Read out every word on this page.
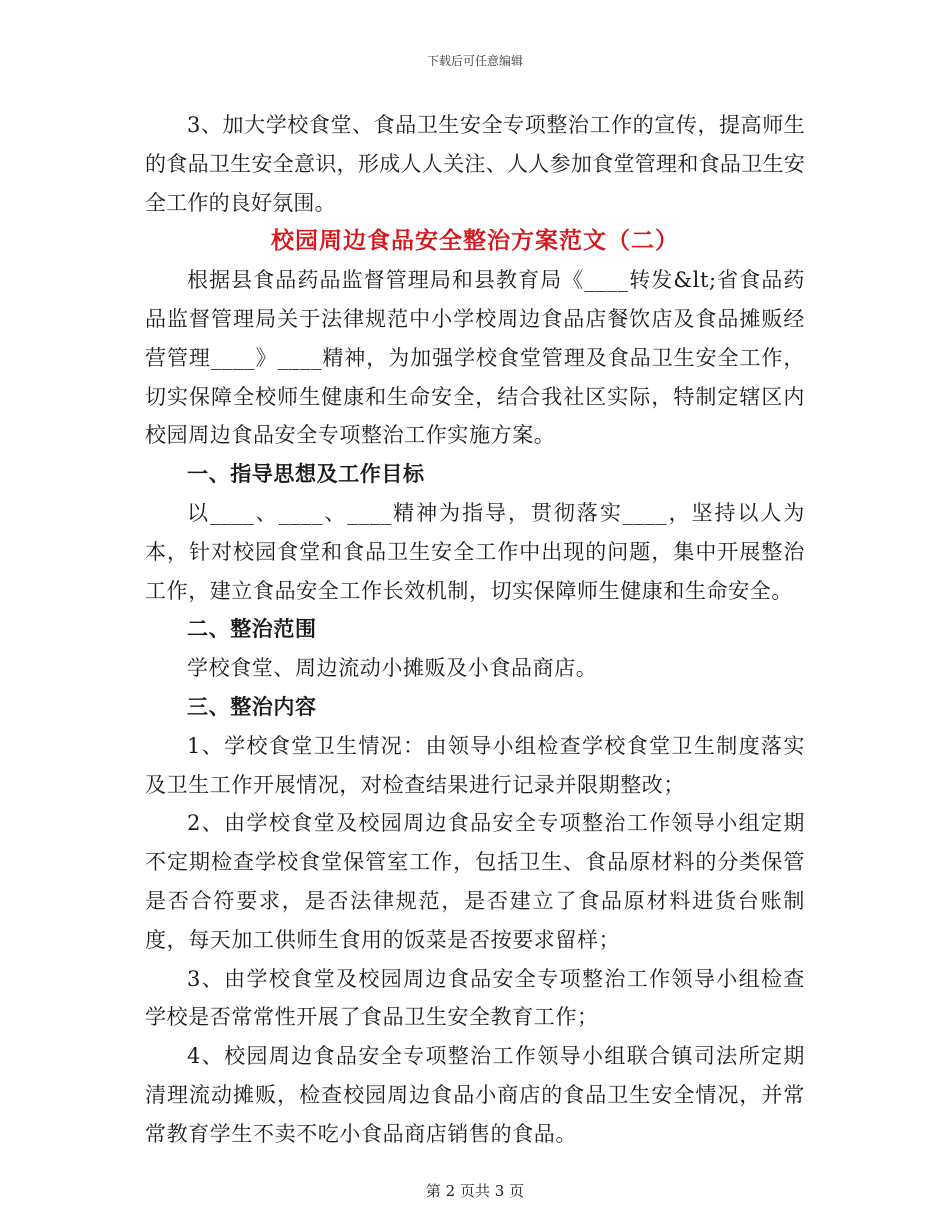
下载后可任意编辑

3、加大学校食堂、食品卫生安全专项整治工作的宣传，提高师生的食品卫生安全意识，形成人人关注、人人参加食堂管理和食品卫生安全工作的良好氛围。

校园周边食品安全整治方案范文（二）

根据县食品药品监督管理局和县教育局《____转发&lt;省食品药品监督管理局关于法律规范中小学校周边食品店餐饮店及食品摊贩经营管理____》____精神，为加强学校食堂管理及食品卫生安全工作，切实保障全校师生健康和生命安全，结合我社区实际，特制定辖区内校园周边食品安全专项整治工作实施方案。

一、指导思想及工作目标

以____、____、____精神为指导，贯彻落实____，坚持以人为本，针对校园食堂和食品卫生安全工作中出现的问题，集中开展整治工作，建立食品安全工作长效机制，切实保障师生健康和生命安全。

二、整治范围

学校食堂、周边流动小摊贩及小食品商店。

三、整治内容

1、学校食堂卫生情况：由领导小组检查学校食堂卫生制度落实及卫生工作开展情况，对检查结果进行记录并限期整改；

2、由学校食堂及校园周边食品安全专项整治工作领导小组定期不定期检查学校食堂保管室工作，包括卫生、食品原材料的分类保管是否合符要求，是否法律规范，是否建立了食品原材料进货台账制度，每天加工供师生食用的饭菜是否按要求留样；

3、由学校食堂及校园周边食品安全专项整治工作领导小组检查学校是否常常性开展了食品卫生安全教育工作；

4、校园周边食品安全专项整治工作领导小组联合镇司法所定期清理流动摊贩，检查校园周边食品小商店的食品卫生安全情况，并常常教育学生不卖不吃小食品商店销售的食品。

第 2 页共 3 页
